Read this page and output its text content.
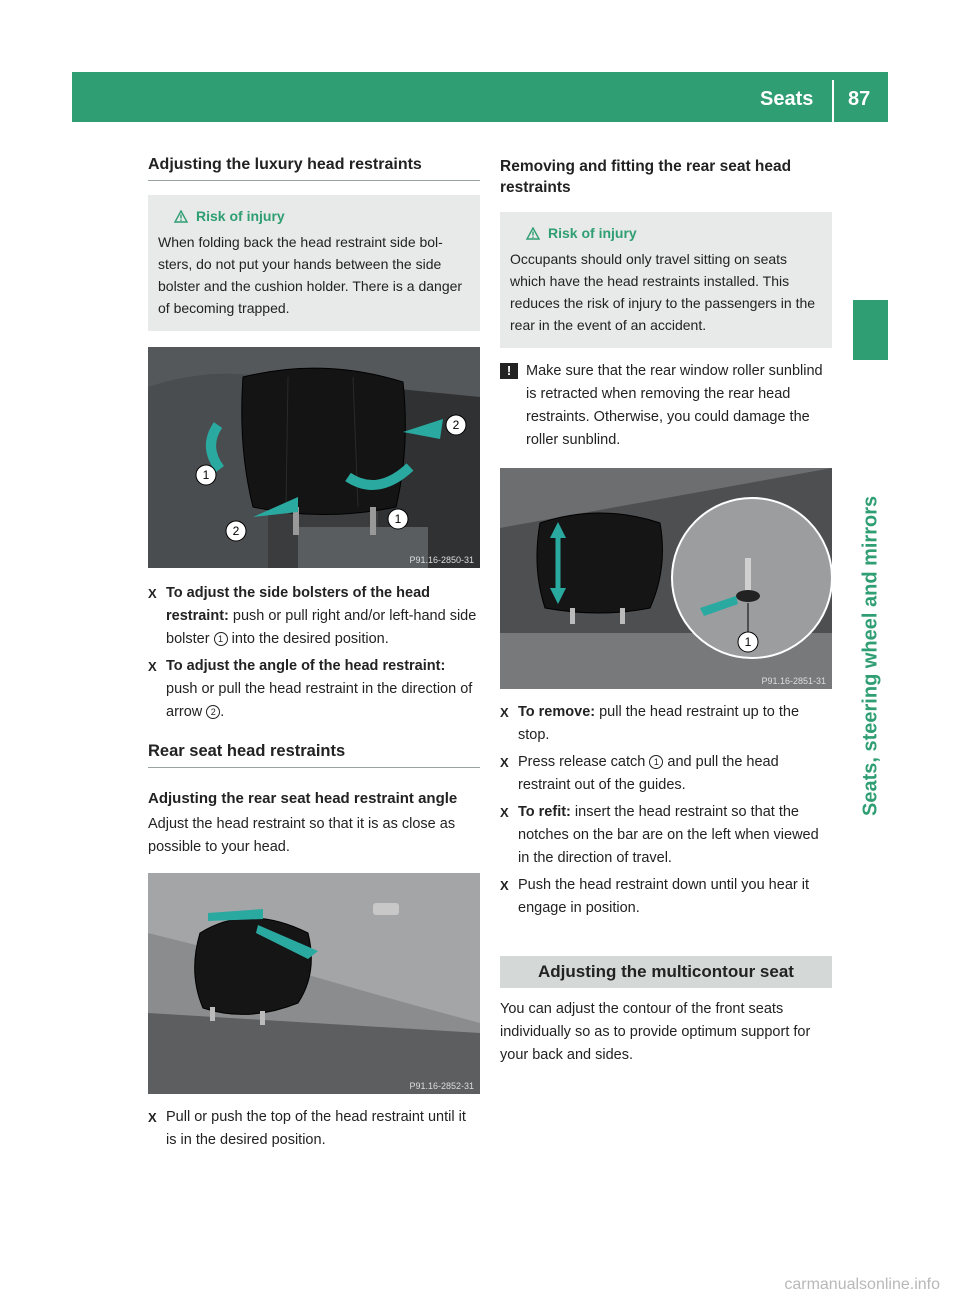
Seats 87
Seats, steering wheel and mirrors
Adjusting the luxury head restraints
Risk of injury
When folding back the head restraint side bolsters, do not put your hands between the side bolster and the cushion holder. There is a danger of becoming trapped.
1
1
2
2
P91.16-2850-31
X To adjust the side bolsters of the head restraint: push or pull right and/or left-hand side bolster 1 into the desired position.
X To adjust the angle of the head restraint: push or pull the head restraint in the direction of arrow 2 .
Rear seat head restraints
Adjusting the rear seat head restraint angle

Adjust the head restraint so that it is as close as possible to your head.

P91.16-2852-31
X Pull or push the top of the head restraint until it is in the desired position.
Removing and fitting the rear seat head restraints
Risk of injury
Occupants should only travel sitting on seats which have the head restraints installed. This reduces the risk of injury to the passengers in the rear in the event of an accident.
!	Make sure that the rear window roller sunblind is retracted when removing the rear head restraints. Otherwise, you could damage the roller sunblind.
1
P91.16-2851-31
X To remove: pull the head restraint up to the stop.
X Press release catch 1 and pull the head restraint out of the guides.
X To refit: insert the head restraint so that the notches on the bar are on the left when viewed in the direction of travel.
X Push the head restraint down until you hear it engage in position.
Adjusting the multicontour seat

You can adjust the contour of the front seats individually so as to provide optimum support for your back and sides.

carmanualsonline.info
